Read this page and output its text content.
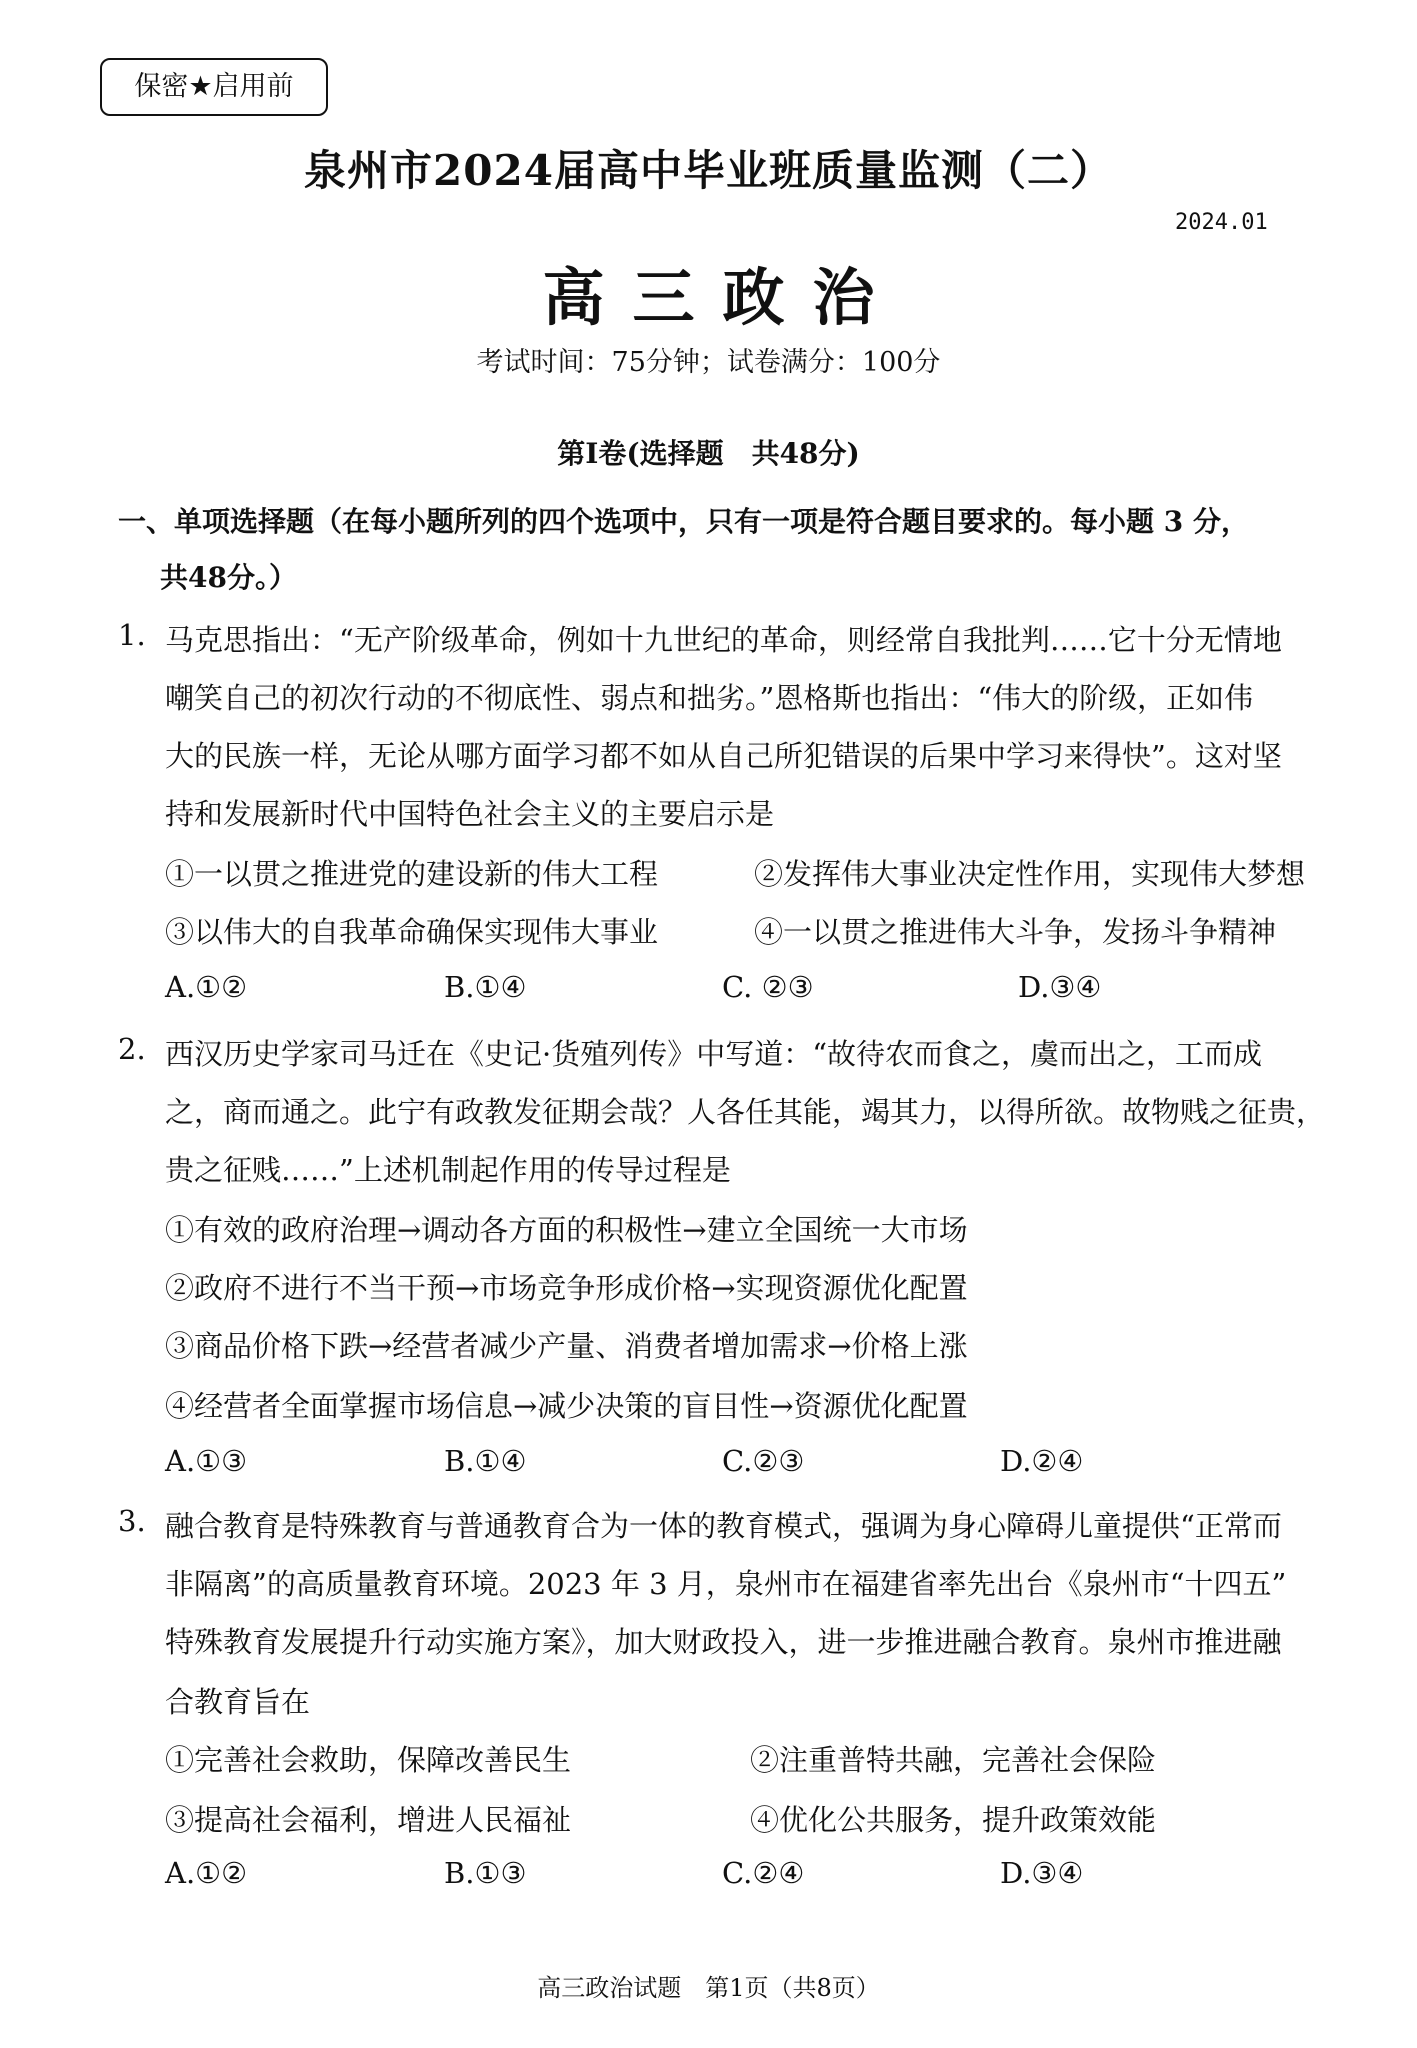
保密★启用前
泉州市2024届高中毕业班质量监测（二）
2024.01
高三政治
考试时间：75分钟；试卷满分：100分
第I卷(选择题　共48分)
一、单项选择题（在每小题所列的四个选项中，只有一项是符合题目要求的。每小题 3 分，
共48分。）
1. 马克思指出：“无产阶级革命，例如十九世纪的革命，则经常自我批判……它十分无情地
嘲笑自己的初次行动的不彻底性、弱点和拙劣。”恩格斯也指出：“伟大的阶级，正如伟
大的民族一样，无论从哪方面学习都不如从自己所犯错误的后果中学习来得快”。这对坚
持和发展新时代中国特色社会主义的主要启示是
①一以贯之推进党的建设新的伟大工程	②发挥伟大事业决定性作用，实现伟大梦想
③以伟大的自我革命确保实现伟大事业	④一以贯之推进伟大斗争，发扬斗争精神
A.①②	B.①④	C. ②③	D.③④
2. 西汉历史学家司马迁在《史记·货殖列传》中写道：“故待农而食之，虞而出之，工而成
之，商而通之。此宁有政教发征期会哉？人各任其能，竭其力，以得所欲。故物贱之征贵，
贵之征贱……”上述机制起作用的传导过程是
①有效的政府治理→调动各方面的积极性→建立全国统一大市场
②政府不进行不当干预→市场竞争形成价格→实现资源优化配置
③商品价格下跌→经营者减少产量、消费者增加需求→价格上涨
④经营者全面掌握市场信息→减少决策的盲目性→资源优化配置
A.①③	B.①④	C.②③	D.②④
3. 融合教育是特殊教育与普通教育合为一体的教育模式，强调为身心障碍儿童提供“正常而
非隔离”的高质量教育环境。2023 年 3 月，泉州市在福建省率先出台《泉州市“十四五”
特殊教育发展提升行动实施方案》，加大财政投入，进一步推进融合教育。泉州市推进融
合教育旨在
①完善社会救助，保障改善民生	②注重普特共融，完善社会保险
③提高社会福利，增进人民福祉	④优化公共服务，提升政策效能
A.①②	B.①③	C.②④	D.③④
高三政治试题　第1页（共8页）
